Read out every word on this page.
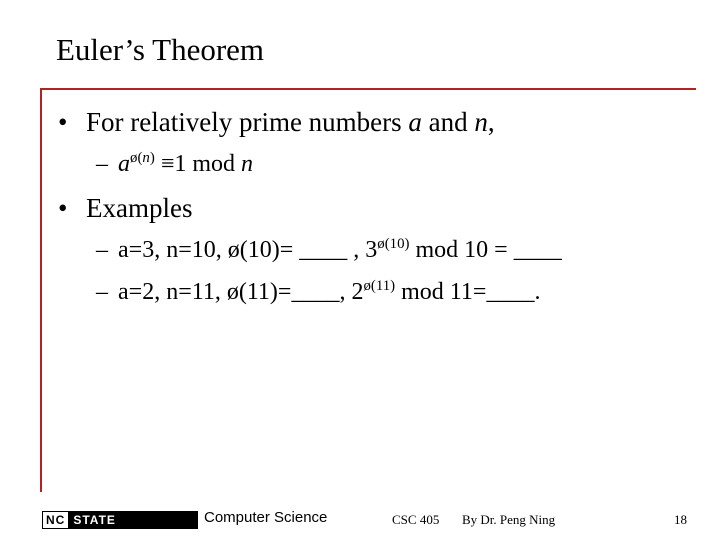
Euler’s Theorem
• For relatively prime numbers a and n,
– $a^{ø(n)} \equiv 1$ mod n
• Examples
– a=3, n=10, ø(10)= ____ , $3^{ø(10)}$ mod 10 = ____
– a=2, n=11, ø(11)=____, $2^{ø(11)}$ mod 11=____.
NC STATE UNIVERSITY
Computer Science	CSC 405 By Dr. Peng Ning	18
